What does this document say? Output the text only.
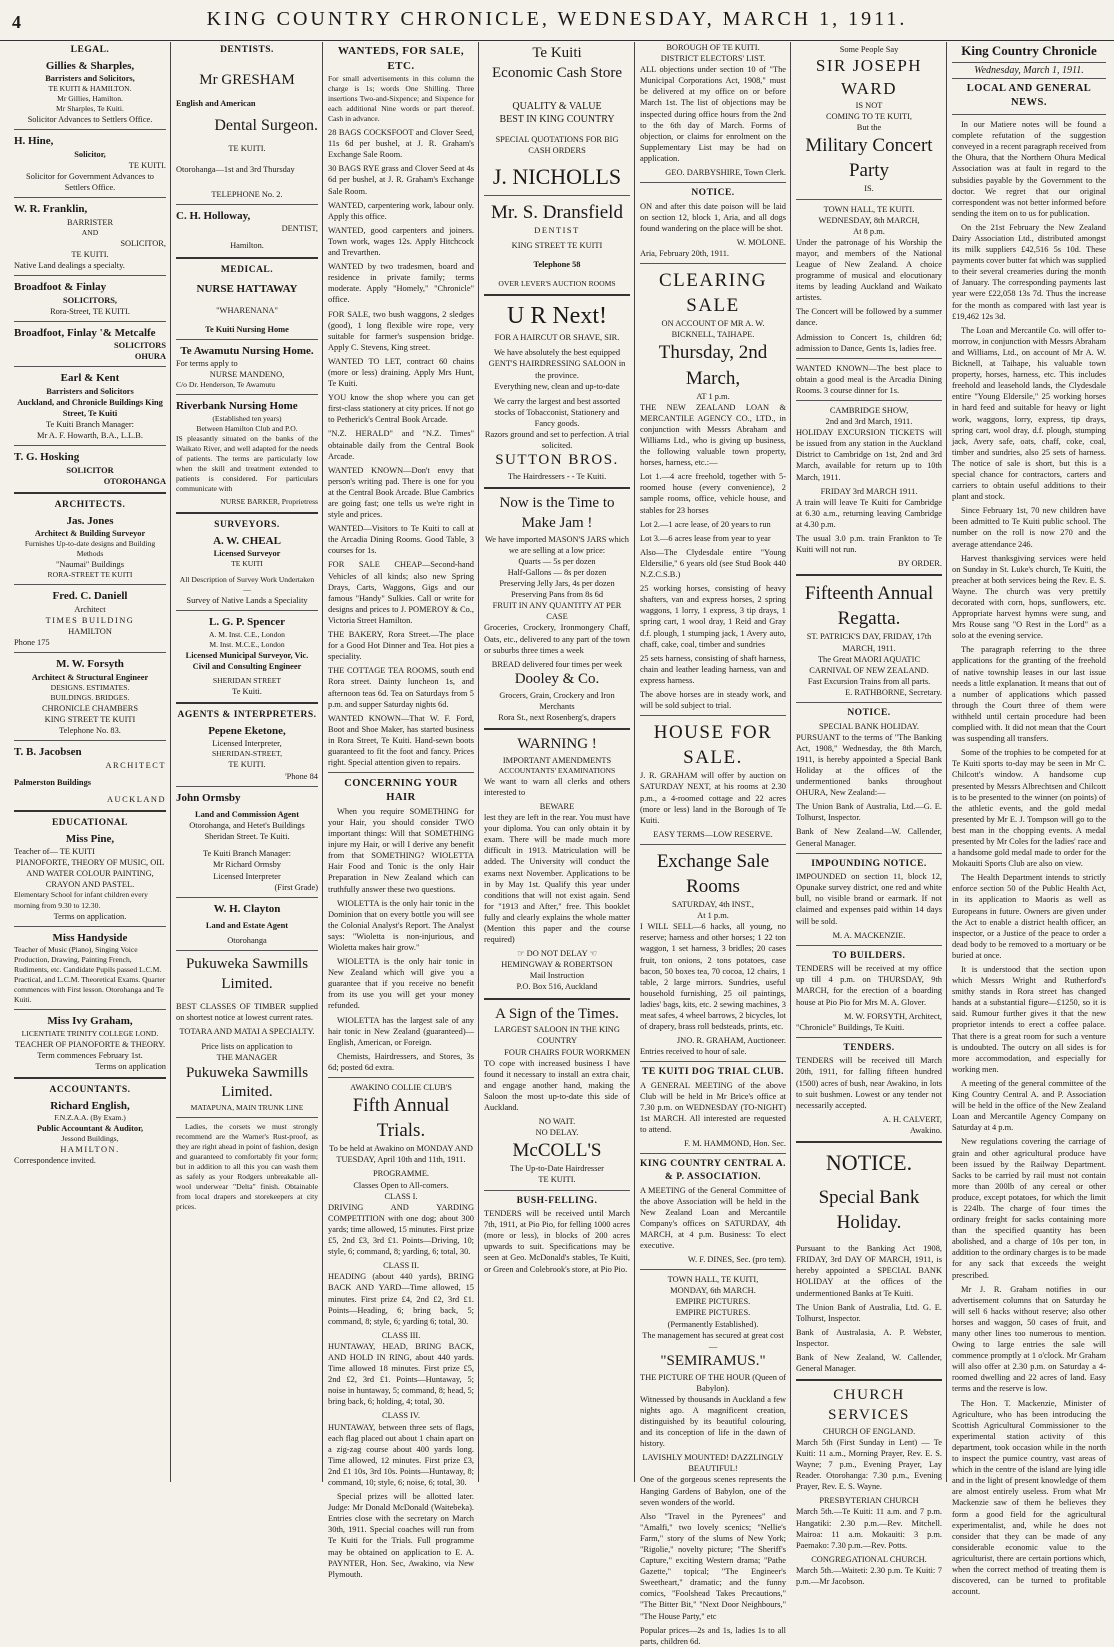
4	KING COUNTRY CHRONICLE, WEDNESDAY, MARCH 1, 1911.
LEGAL.
Gillies & Sharples,
Barristers and Solicitors,
TE KUITI & HAMILTON.
Mr Gillies, Hamilton.
Mr Sharples, Te Kuiti.
Solicitor Advances to Settlers Office.
H. Hine,
Solicitor,
TE KUITI.
Solicitor for Government Advances to Settlers Office.
W. R. Franklin,
BARRISTER
AND
SOLICITOR,
TE KUITI.
Native Land dealings a specialty.
Broadfoot & Finlay
SOLICITORS,
Rora-Street, TE KUITI.
Broadfoot, Finlay '& Metcalfe
SOLICITORS
OHURA
Earl & Kent
Barristers and Solicitors
Auckland, and Chronicle Buildings King Street, Te Kuiti
Te Kuiti Branch Manager:
Mr A. F. Howarth, B.A., L.L.B.
T. G. Hosking
SOLICITOR
OTOROHANGA
ARCHITECTS.
Jas. Jones
Architect & Building Surveyor
Furnishes Up-to-date designs and Building Methods
"Naumai" Buildings
RORA-STREET TE KUITI
Fred. C. Daniell
Architect
TIMES BUILDING
HAMILTON
Phone 175
M. W. Forsyth
Architect & Structural Engineer
DESIGNS. ESTIMATES.
BUILDINGS. BRIDGES.
CHRONICLE CHAMBERS
KING STREET TE KUITI
Telephone No. 83.
T. B. Jacobsen
ARCHITECT
Palmerston Buildings
AUCKLAND
EDUCATIONAL
Miss Pine,
Teacher of— TE KUITI
PIANOFORTE, THEORY OF MUSIC, OIL AND WATER COLOUR PAINTING, CRAYON AND PASTEL.
Elementary School for infant children every morning from 9.30 to 12.30.
Terms on application.
Miss Handyside
Teacher of Music (Piano), Singing Voice Production, Drawing, Painting French, Rudiments, etc. Candidate Pupils passed L.C.M. Practical, and L.C.M. Theoretical Exams. Quarter commences with First lesson. Otorohanga and Te Kuiti.
Miss Ivy Graham,
LICENTIATE TRINITY COLLEGE LOND.
TEACHER OF PIANOFORTE & THEORY.
Term commences February 1st.
Terms on application
ACCOUNTANTS.
Richard English,
F.N.Z.A.A. (By Exam.)
Public Accountant & Auditor,
Jessond Buildings,
HAMILTON.
Correspondence invited.
DENTISTS.
Mr GRESHAM
English and American
Dental Surgeon.
TE KUITI.
Otorohanga—1st and 3rd Thursday
TELEPHONE No. 2.
C. H. Holloway,
DENTIST,
Hamilton.
MEDICAL.
NURSE HATTAWAY
"WHARENANA"
Te Kuiti Nursing Home
Te Awamutu Nursing Home.
For terms apply to
NURSE MANDENO,
C/o Dr. Henderson, Te Awamutu
Riverbank Nursing Home
(Established ten years)
Between Hamilton Club and P.O.
IS pleasantly situated on the banks of the Waikato River, and well adapted for the needs of patients. The terms are particularly low when the skill and treatment extended to patients is considered. For particulars communicate with
NURSE BARKER, Proprietress
SURVEYORS.
A. W. CHEAL
Licensed Surveyor
TE KUITI
All Description of Survey Work Undertaken—
Survey of Native Lands a Speciality
L. G. P. Spencer
A. M. Inst. C.E., London
M. Inst. M.C.E., London
Licensed Municipal Surveyor, Vic. Civil and Consulting Engineer
SHERIDAN STREET
Te Kuiti.
AGENTS & INTERPRETERS.
Pepene Eketone,
Licensed Interpreter,
SHERIDAN-STREET,
TE KUITI.
'Phone 84
John Ormsby
Land and Commission Agent
Otorohanga, and Hetet's Buildings Sheridan Street. Te Kuiti.
Te Kuiti Branch Manager:
Mr Richard Ormsby
Licensed Interpreter
(First Grade)
W. H. Clayton
Land and Estate Agent
Otorohanga
Pukuweka Sawmills Limited.
BEST CLASSES OF TIMBER supplied on shortest notice at lowest current rates.
TOTARA AND MATAI A SPECIALTY.
Price lists on application to
THE MANAGER
Pukuweka Sawmills Limited.
MATAPUNA, MAIN TRUNK LINE
Ladies, the corsets we must strongly recommend are the Warner's Rust-proof, as they are right ahead in point of fashion, design and guaranteed to comfortably fit your form; but in addition to all this you can wash them as safely as your Rodgers unbreakable all-wool underwear "Delta" finish. Obtainable from local drapers and storekeepers at city prices.
WANTEDS, FOR SALE, ETC.
For small advertisements in this column the charge is 1s; words One Shilling. Three insertions Two-and-Sixpence; and Sixpence for each additional Nine words or part thereof. Cash in advance.
28 BAGS COCKSFOOT and Clover Seed, 11s 6d per bushel, at J. R. Graham's Exchange Sale Room.
30 BAGS RYE grass and Clover Seed at 4s 6d per bushel, at J. R. Graham's Exchange Sale Room.
WANTED, carpentering work, labour only. Apply this office.
WANTED, good carpenters and joiners. Town work, wages 12s. Apply Hitchcock and Trevarthen.
WANTED by two tradesmen, board and residence in private family; terms moderate. Apply "Homely," "Chronicle" office.
FOR SALE, two bush waggons, 2 sledges (good), 1 long flexible wire rope, very suitable for farmer's suspension bridge. Apply C. Stevens, King street.
WANTED TO LET, contract 60 chains (more or less) draining. Apply Mrs Hunt, Te Kuiti.
YOU know the shop where you can get first-class stationery at city prices. If not go to Petherick's Central Book Arcade.
"N.Z. HERALD" and "N.Z. Times" obtainable daily from the Central Book Arcade.
WANTED KNOWN—Don't envy that person's writing pad. There is one for you at the Central Book Arcade. Blue Cambrics are going fast; one tells us we're right in style and prices.
WANTED—Visitors to Te Kuiti to call at the Arcadia Dining Rooms. Good Table, 3 courses for 1s.
FOR SALE CHEAP—Second-hand Vehicles of all kinds; also new Spring Drays, Carts, Waggons, Gigs and our famous "Handy" Sulkies. Call or write for designs and prices to J. POMEROY & Co., Victoria Street Hamilton.
THE BAKERY, Rora Street.—The place for a Good Hot Dinner and Tea. Hot pies a speciality.
THE COTTAGE TEA ROOMS, south end Rora street. Dainty luncheon 1s, and afternoon teas 6d. Tea on Saturdays from 5 p.m. and supper Saturday nights 6d.
WANTED KNOWN—That W. F. Ford, Boot and Shoe Maker, has started business in Rora Street, Te Kuiti. Hand-sewn boots guaranteed to fit the foot and fancy. Prices right. Special attention given to repairs.
CONCERNING YOUR HAIR
When you require SOMETHING for your Hair, you should consider TWO important things: Will that SOMETHING injure my Hair, or will I derive any benefit from that SOMETHING? WIOLETTA Hair Food and Tonic is the only Hair Preparation in New Zealand which can truthfully answer these two questions.
WIOLETTA is the only hair tonic in the Dominion that on every bottle you will see the Colonial Analyst's Report. The Analyst says: "Wioletta is non-injurious, and Wioletta makes hair grow."
WIOLETTA is the only hair tonic in New Zealand which will give you a guarantee that if you receive no benefit from its use you will get your money refunded.
WIOLETTA has the largest sale of any hair tonic in New Zealand (guaranteed)—English, American, or Foreign.
Chemists, Hairdressers, and Stores, 3s 6d; posted 6d extra.
AWAKINO COLLIE CLUB'S
Fifth Annual Trials.
To be held at Awakino on MONDAY AND TUESDAY, April 10th and 11th, 1911.
PROGRAMME.
Classes Open to All-comers.
CLASS I.
DRIVING AND YARDING COMPETITION with one dog; about 300 yards; time allowed, 15 minutes. First prize £5, 2nd £3, 3rd £1. Points—Driving, 10; style, 6; command, 8; yarding, 6; total, 30.
CLASS II.
HEADING (about 440 yards), BRING BACK AND YARD—Time allowed, 15 minutes. First prize £4, 2nd £2, 3rd £1. Points—Heading, 6; bring back, 5; command, 8; style, 6; yarding 6; total, 30.
CLASS III.
HUNTAWAY, HEAD, BRING BACK, AND HOLD IN RING, about 440 yards. Time allowed 18 minutes. First prize £5, 2nd £2, 3rd £1. Points—Huntaway, 5; noise in huntaway, 5; command, 8; head, 5; bring back, 6; holding, 4; total, 30.
CLASS IV.
HUNTAWAY, between three sets of flags, each flag placed out about 1 chain apart on a zig-zag course about 400 yards long. Time allowed, 12 minutes. First prize £3, 2nd £1 10s, 3rd 10s. Points—Huntaway, 8; command, 10; style, 6; noise, 6; total, 30.
Special prizes will be allotted later. Judge: Mr Donald McDonald (Waitebeka). Entries close with the secretary on March 30th, 1911. Special coaches will run from Te Kuiti for the Trials. Full programme may be obtained on application to E. A. PAYNTER, Hon. Sec, Awakino, via New Plymouth.
Te Kuiti
Economic Cash Store
QUALITY & VALUE
BEST IN KING COUNTRY
SPECIAL QUOTATIONS FOR BIG CASH ORDERS
J. NICHOLLS
Mr. S. Dransfield
DENTIST
KING STREET TE KUITI
Telephone 58
OVER LEVER'S AUCTION ROOMS
U R Next!
FOR A HAIRCUT OR SHAVE, SIR.
We have absolutely the best equipped GENT'S HAIRDRESSING SALOON in the province.
Everything new, clean and up-to-date
We carry the largest and best assorted stocks of Tobacconist, Stationery and Fancy goods.
Razors ground and set to perfection. A trial solicited.
SUTTON BROS.
The Hairdressers - - Te Kuiti.
Now is the Time to Make Jam !
We have imported MASON'S JARS which we are selling at a low price:
Quarts — 5s per dozen
Half-Gallons — 8s per dozen
Preserving Jelly Jars, 4s per dozen
Preserving Pans from 8s 6d
FRUIT IN ANY QUANTITY AT PER CASE
Groceries, Crockery, Ironmongery Chaff, Oats, etc., delivered to any part of the town or suburbs three times a week
BREAD delivered four times per week
Dooley & Co.
Grocers, Grain, Crockery and Iron Merchants
Rora St., next Rosenberg's, drapers
WARNING !
IMPORTANT AMENDMENTS
ACCOUNTANTS' EXAMINATIONS
We want to warn all clerks and others interested to
BEWARE
lest they are left in the rear. You must have your diploma. You can only obtain it by exam. There will be made much more difficult in 1913. Matriculation will be added. The University will conduct the exams next November. Applications to be in by May 1st. Qualify this year under conditions that will not exist again. Send for "1913 and After," free. This booklet fully and clearly explains the whole matter (Mention this paper and the course required)
☞ DO NOT DELAY ☜
HEMINGWAY & ROBERTSON
Mail Instruction
P.O. Box 516, Auckland
A Sign of the Times.
LARGEST SALOON IN THE KING COUNTRY
FOUR CHAIRS FOUR WORKMEN
TO cope with increased business I have found it necessary to install an extra chair, and engage another hand, making the Saloon the most up-to-date this side of Auckland.
NO WAIT.
NO DELAY.
McCOLL'S
The Up-to-Date Hairdresser
TE KUITI.
BUSH-FELLING.
TENDERS will be received until March 7th, 1911, at Pio Pio, for felling 1000 acres (more or less), in blocks of 200 acres upwards to suit. Specifications may be seen at Geo. McDonald's stables, Te Kuiti, or Green and Colebrook's store, at Pio Pio.
BOROUGH OF TE KUITI.
DISTRICT ELECTORS' LIST.
ALL objections under section 10 of "The Municipal Corporations Act, 1908," must be delivered at my office on or before March 1st. The list of objections may be inspected during office hours from the 2nd to the 6th day of March. Forms of objection, or claims for enrolment on the Supplementary List may be had on application.
GEO. DARBYSHIRE, Town Clerk.
NOTICE.
ON and after this date poison will be laid on section 12, block 1, Aria, and all dogs found wandering on the place will be shot.
W. MOLONE.
Aria, February 20th, 1911.
CLEARING SALE
ON ACCOUNT OF MR A. W. BICKNELL, TAIHAPE.
Thursday, 2nd March,
AT 1 p.m.
THE NEW ZEALAND LOAN & MERCANTILE AGENCY CO., LTD., in conjunction with Messrs Abraham and Williams Ltd., who is giving up business, the following valuable town property, horses, harness, etc.:—
Lot 1.—4 acre freehold, together with 5-roomed house (every convenience), 2 sample rooms, office, vehicle house, and stables for 23 horses
Lot 2.—1 acre lease, of 20 years to run
Lot 3.—6 acres lease from year to year
Also—The Clydesdale entire "Young Eldersilie," 6 years old (see Stud Book 440 N.Z.C.S.B.)
25 working horses, consisting of heavy shafters, van and express horses, 2 spring waggons, 1 lorry, 1 express, 3 tip drays, 1 spring cart, 1 wool dray, 1 Reid and Gray d.f. plough, 1 stumping jack, 1 Avery auto, chaff, cake, coal, timber and sundries
25 sets harness, consisting of shaft harness, chain and leather leading harness, van and express harness.
The above horses are in steady work, and will be sold subject to trial.
HOUSE FOR SALE.
J. R. GRAHAM will offer by auction on SATURDAY NEXT, at his rooms at 2.30 p.m., a 4-roomed cottage and 22 acres (more or less) land in the Borough of Te Kuiti.
EASY TERMS—LOW RESERVE.
Exchange Sale Rooms
SATURDAY, 4th INST.,
At 1 p.m.
I WILL SELL—6 hacks, all young, no reserve; harness and other horses; 1 22 ton waggon, 1 set harness, 3 bridles; 20 cases fruit, ton onions, 2 tons potatoes, case bacon, 50 boxes tea, 70 cocoa, 12 chairs, 1 table, 2 large mirrors. Sundries, useful household furnishing, 25 oil paintings, ladies' bags, kits, etc. 2 sewing machines, 3 meat safes, 4 wheel barrows, 2 bicycles, lot of drapery, brass roll bedsteads, prints, etc.
JNO. R. GRAHAM, Auctioneer.
Entries received to hour of sale.
TE KUITI DOG TRIAL CLUB.
A GENERAL MEETING of the above Club will be held in Mr Brice's office at 7.30 p.m. on WEDNESDAY (TO-NIGHT) 1st MARCH. All interested are requested to attend.
F. M. HAMMOND, Hon. Sec.
KING COUNTRY CENTRAL A. & P. ASSOCIATION.
A MEETING of the General Committee of the above Association will be held in the New Zealand Loan and Mercantile Company's offices on SATURDAY, 4th MARCH, at 4 p.m. Business: To elect executive.
W. F. DINES, Sec. (pro tem).
TOWN HALL, TE KUITI,
MONDAY, 6th MARCH.
EMPIRE PICTURES.
EMPIRE PICTURES.
(Permanently Established).
The management has secured at great cost—
"SEMIRAMUS."
THE PICTURE OF THE HOUR (Queen of Babylon).
Witnessed by thousands in Auckland a few nights ago. A magnificent creation, distinguished by its beautiful colouring, and its conception of life in the dawn of history.
LAVISHLY MOUNTED! DAZZLINGLY BEAUTIFUL!
One of the gorgeous scenes represents the Hanging Gardens of Babylon, one of the seven wonders of the world.
Also "Travel in the Pyrenees" and "Amalfi," two lovely scenics; "Nellie's Farm," story of the slums of New York; "Rigolie," novelty picture; "The Sheriff's Capture," exciting Western drama; "Pathe Gazette," topical; "The Engineer's Sweetheart," dramatic; and the funny comics, "Foolshead Takes Precautions," "The Bitter Bit," "Next Door Neighbours," "The House Party," etc
Popular prices—2s and 1s, ladies 1s to all parts, children 6d.
Some People Say
SIR JOSEPH WARD
IS NOT
COMING TO TE KUITI,
But the
Military Concert Party
IS.
TOWN HALL, TE KUITI.
WEDNESDAY, 8th MARCH,
At 8 p.m.
Under the patronage of his Worship the mayor, and members of the National League of New Zealand. A choice programme of musical and elocutionary items by leading Auckland and Waikato artistes.
The Concert will be followed by a summer dance.
Admission to Concert 1s, children 6d; admission to Dance, Gents 1s, ladies free.
WANTED KNOWN—The best place to obtain a good meal is the Arcadia Dining Rooms. 3 course dinner for 1s.
CAMBRIDGE SHOW,
2nd and 3rd March, 1911.
HOLIDAY EXCURSION TICKETS will be issued from any station in the Auckland District to Cambridge on 1st, 2nd and 3rd March, available for return up to 10th March, 1911.
FRIDAY 3rd MARCH 1911.
A train will leave Te Kuiti for Cambridge at 6.30 a.m., returning leaving Cambridge at 4.30 p.m.
The usual 3.0 p.m. train Frankton to Te Kuiti will not run.
BY ORDER.
Fifteenth Annual Regatta.
ST. PATRICK'S DAY, FRIDAY, 17th MARCH, 1911.
The Great MAORI AQUATIC CARNIVAL OF NEW ZEALAND.
Fast Excursion Trains from all parts.
E. RATHBORNE, Secretary.
NOTICE.
SPECIAL BANK HOLIDAY.
PURSUANT to the terms of "The Banking Act, 1908," Wednesday, the 8th March, 1911, is hereby appointed a Special Bank Holiday at the offices of the undermentioned banks throughout OHURA, New Zealand:—
The Union Bank of Australia, Ltd.—G. E. Tolhurst, Inspector.
Bank of New Zealand—W. Callender, General Manager.
IMPOUNDING NOTICE.
IMPOUNDED on section 11, block 12, Opunake survey district, one red and white bull, no visible brand or earmark. If not claimed and expenses paid within 14 days will be sold.
M. A. MACKENZIE.
TO BUILDERS.
TENDERS will be received at my office up till 4 p.m. on THURSDAY, 9th MARCH, for the erection of a boarding house at Pio Pio for Mrs M. A. Glover.
M. W. FORSYTH, Architect,
"Chronicle" Buildings, Te Kuiti.
TENDERS.
TENDERS will be received till March 20th, 1911, for falling fifteen hundred (1500) acres of bush, near Awakino, in lots to suit bushmen. Lowest or any tender not necessarily accepted.
A. H. CALVERT,
Awakino.
NOTICE.
Special Bank Holiday.
Pursuant to the Banking Act 1908, FRIDAY, 3rd DAY OF MARCH, 1911, is hereby appointed a SPECIAL BANK HOLIDAY at the offices of the undermentioned Banks at Te Kuiti.
The Union Bank of Australia, Ltd. G. E. Tolhurst, Inspector.
Bank of Australasia, A. P. Webster, Inspector.
Bank of New Zealand, W. Callender, General Manager.
CHURCH SERVICES
CHURCH OF ENGLAND.
March 5th (First Sunday in Lent) — Te Kuiti: 11 a.m., Morning Prayer, Rev. E. S. Wayne; 7 p.m., Evening Prayer, Lay Reader. Otorohanga: 7.30 p.m., Evening Prayer, Rev. E. S. Wayne.
PRESBYTERIAN CHURCH
March 5th.—Te Kuiti: 11 a.m. and 7 p.m. Hangatiki: 2.30 p.m.—Rev. Mitchell. Mairoa: 11 a.m. Mokauiti: 3 p.m. Paemako: 7.30 p.m.—Rev. Potts.
CONGREGATIONAL CHURCH.
March 5th.—Waiteti: 2.30 p.m. Te Kuiti: 7 p.m.—Mr Jacobson.
King Country Chronicle
Wednesday, March 1, 1911.
LOCAL AND GENERAL NEWS.
In our Matiere notes will be found a complete refutation of the suggestion conveyed in a recent paragraph received from the Ohura, that the Northern Ohura Medical Association was at fault in regard to the subsidies payable by the Government to the doctor. We regret that our original correspondent was not better informed before sending the item on to us for publication.
On the 21st February the New Zealand Dairy Association Ltd., distributed amongst its milk suppliers £42,516 5s 10d. These payments cover butter fat which was supplied to their several creameries during the month of January. The corresponding payments last year were £22,058 13s 7d. Thus the increase for the month as compared with last year is £19,462 12s 3d.
The Loan and Mercantile Co. will offer to-morrow, in conjunction with Messrs Abraham and Williams, Ltd., on account of Mr A. W. Bicknell, at Taihape, his valuable town property, horses, harness, etc. This includes freehold and leasehold lands, the Clydesdale entire "Young Eldersile," 25 working horses in hard feed and suitable for heavy or light work, waggons, lorry, express, tip drays, spring cart, wool dray, d.f. plough, stumping jack, Avery safe, oats, chaff, coke, coal, timber and sundries, also 25 sets of harness. The notice of sale is short, but this is a special chance for contractors, carters and carriers to obtain useful additions to their plant and stock.
Since February 1st, 70 new children have been admitted to Te Kuiti public school. The number on the roll is now 270 and the average attendance 246.
Harvest thanksgiving services were held on Sunday in St. Luke's church, Te Kuiti, the preacher at both services being the Rev. E. S. Wayne. The church was very prettily decorated with corn, hops, sunflowers, etc. Appropriate harvest hymns were sung, and Mrs Rouse sang "O Rest in the Lord" as a solo at the evening service.
The paragraph referring to the three applications for the granting of the freehold of native township leases in our last issue needs a little explanation. It means that out of a number of applications which passed through the Court three of them were withheld until certain procedure had been complied with. It did not mean that the Court was suspending all transfers.
Some of the trophies to be competed for at Te Kuiti sports to-day may be seen in Mr C. Chilcott's window. A handsome cup presented by Messrs Albrechtsen and Chilcott is to be presented to the winner (on points) of the athletic events, and the gold medal presented by Mr E. J. Tompson will go to the best man in the chopping events. A medal presented by Mr Coles for the ladies' race and a handsome gold medal made to order for the Mokauiti Sports Club are also on view.
The Health Department intends to strictly enforce section 50 of the Public Health Act, in its application to Maoris as well as Europeans in future. Owners are given under the Act to enable a district health officer, an inspector, or a Justice of the peace to order a dead body to be removed to a mortuary or be buried at once.
It is understood that the section upon which Messrs Wright and Rutherford's smithy stands in Rora street has changed hands at a substantial figure—£1250, so it is said. Rumour further gives it that the new proprietor intends to erect a coffee palace. That there is a great room for such a venture is undoubted. The outcry on all sides is for more accommodation, and especially for working men.
A meeting of the general committee of the King Country Central A. and P. Association will be held in the office of the New Zealand Loan and Mercantile Agency Company on Saturday at 4 p.m.
New regulations covering the carriage of grain and other agricultural produce have been issued by the Railway Department. Sacks to be carried by rail must not contain more than 200lb of any cereal or other produce, except potatoes, for which the limit is 224lb. The charge of four times the ordinary freight for sacks containing more than the specified quantity has been abolished, and a charge of 10s per ton, in addition to the ordinary charges is to be made for any sack that exceeds the weight prescribed.
Mr J. R. Graham notifies in our advertisement columns that on Saturday he will sell 6 hacks without reserve; also other horses and waggon, 50 cases of fruit, and many other lines too numerous to mention. Owing to large entries the sale will commence promptly at 1 o'clock. Mr Graham will also offer at 2.30 p.m. on Saturday a 4-roomed dwelling and 22 acres of land. Easy terms and the reserve is low.
The Hon. T. Mackenzie, Minister of Agriculture, who has been introducing the Scottish Agricultural Commissioner to the experimental station activity of this department, took occasion while in the north to inspect the pumice country, vast areas of which in the centre of the island are lying idle and in the light of present knowledge of them are almost entirely useless. From what Mr Mackenzie saw of them he believes they form a good field for the agricultural experimentalist, and, while he does not consider that they can be made of any considerable economic value to the agriculturist, there are certain portions which, when the correct method of treating them is discovered, can be turned to profitable account.
